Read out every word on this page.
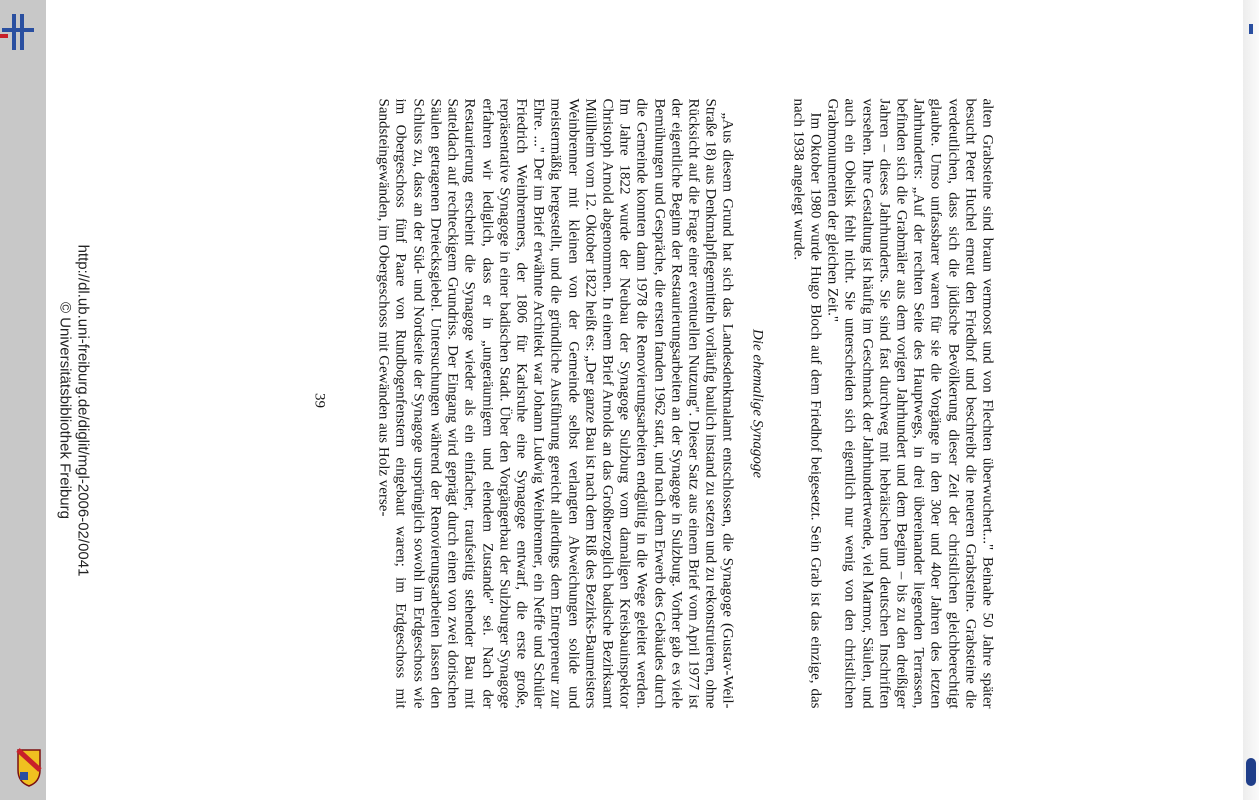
alten Grabsteine sind braun vermoost und von Flechten überwuchert..." Beinahe 50 Jahre später besucht Peter Huchel erneut den Friedhof und beschreibt die neueren Grabsteine. Grabsteine die verdeutlichen, dass sich die jüdische Bevölkerung dieser Zeit der christlichen gleichberechtigt glaubte. Umso unfassbarer waren für sie die Vorgänge in den 30er und 40er Jahren des letzten Jahrhunderts: „Auf der rechten Seite des Hauptwegs, in drei übereinander liegenden Terrassen, befinden sich die Grabmäler aus dem vorigen Jahrhundert und dem Beginn – bis zu den dreißiger Jahren – dieses Jahrhunderts. Sie sind fast durchweg mit hebräischen und deutschen Inschriften versehen. Ihre Gestaltung ist häufig im Geschmack der Jahrhundertwende, viel Marmor, Säulen, und auch ein Obelisk fehlt nicht. Sie unterscheiden sich eigentlich nur wenig von den christlichen Grabmonumenten der gleichen Zeit."

Im Oktober 1980 wurde Hugo Bloch auf dem Friedhof beigesetzt. Sein Grab ist das einzige, das nach 1938 angelegt wurde.

Die ehemalige Synagoge

„Aus diesem Grund hat sich das Landesdenkmalamt entschlossen, die Synagoge (Gustav-Weil-Straße 18) aus Denkmalpflegemitteln vorläufig baulich instand zu setzen und zu rekonstruieren, ohne Rücksicht auf die Frage einer eventuellen Nutzung". Dieser Satz aus einem Brief vom April 1977 ist der eigentliche Beginn der Restaurierungsarbeiten an der Synagoge in Sulzburg. Vorher gab es viele Bemühungen und Gespräche, die ersten fanden 1962 statt, und nach dem Erwerb des Gebäudes durch die Gemeinde konnten dann 1978 die Renovierungsarbeiten endgültig in die Wege geleitet werden. Im Jahre 1822 wurde der Neubau der Synagoge Sulzburg vom damaligen Kreisbauinspektor Christoph Arnold abgenommen. In einem Brief Arnolds an das Großherzoglich badische Bezirksamt Müllheim vom 12. Oktober 1822 heißt es: „Der ganze Bau ist nach dem Riß des Bezirks-Baumeisters Weinbrenner mit kleinen von der Gemeinde selbst verlangten Abweichungen solide und meistermäßig hergestellt, und die gründliche Ausführung gereicht allerdings dem Entrepreneur zur Ehre. ..." Der im Brief erwähnte Architekt war Johann Ludwig Weinbrenner, ein Neffe und Schüler Friedrich Weinbrenners, der 1806 für Karlsruhe eine Synagoge entwarf, die erste große, repräsentative Synagoge in einer badischen Stadt. Über den Vorgängerbau der Sulzburger Synagoge erfahren wir lediglich, dass er in „ungeräumigem und elendem Zustande" sei. Nach der Restaurierung erscheint die Synagoge wieder als ein einfacher, traufseitig stehender Bau mit Satteldach auf rechteckigem Grundriss. Der Eingang wird geprägt durch einen von zwei dorischen Säulen getragenen Dreiecksgiebel. Untersuchungen während der Renovierungsarbeiten lassen den Schluss zu, dass an der Süd- und Nordseite der Synagoge ursprünglich sowohl im Erdgeschoss wie im Obergeschoss fünf Paare von Rundbogenfenstern eingebaut waren; im Erdgeschoss mit Sandsteingewänden, im Obergeschoss mit Gewänden aus Holz verse-

39
http://dl.ub.uni-freiburg.de/diglit/mgl-2006-02/0041
© Universitätsbibliothek Freiburg
